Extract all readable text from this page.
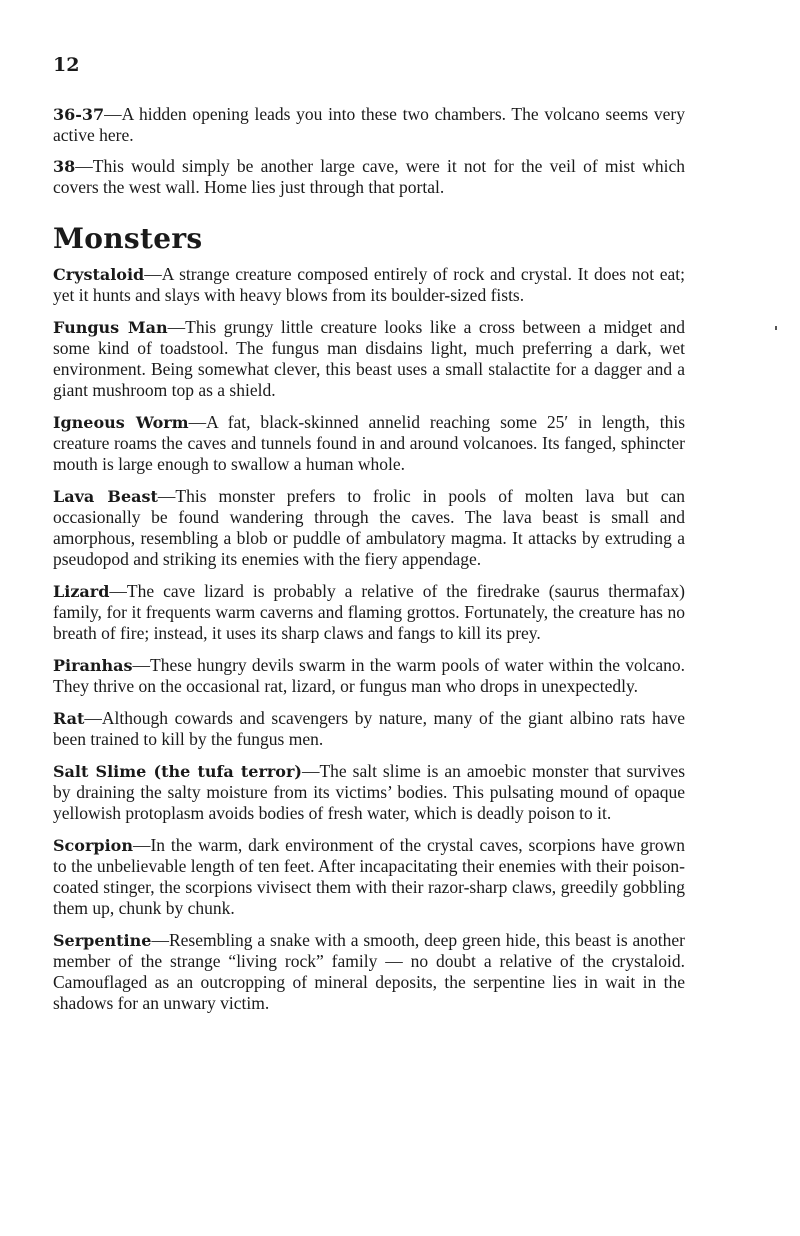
12

36-37—A hidden opening leads you into these two chambers. The volcano seems very active here.

38—This would simply be another large cave, were it not for the veil of mist which covers the west wall. Home lies just through that portal.

Monsters

Crystaloid—A strange creature composed entirely of rock and crystal. It does not eat; yet it hunts and slays with heavy blows from its boulder-sized fists.

Fungus Man—This grungy little creature looks like a cross between a midget and some kind of toadstool. The fungus man disdains light, much preferring a dark, wet environment. Being somewhat clever, this beast uses a small stalactite for a dagger and a giant mushroom top as a shield.

Igneous Worm—A fat, black-skinned annelid reaching some 25′ in length, this creature roams the caves and tunnels found in and around volcanoes. Its fanged, sphincter mouth is large enough to swallow a human whole.

Lava Beast—This monster prefers to frolic in pools of molten lava but can occasionally be found wandering through the caves. The lava beast is small and amorphous, resembling a blob or puddle of ambulatory magma. It attacks by extruding a pseudopod and striking its enemies with the fiery appendage.

Lizard—The cave lizard is probably a relative of the firedrake (saurus thermafax) family, for it frequents warm caverns and flaming grottos. Fortunately, the creature has no breath of fire; instead, it uses its sharp claws and fangs to kill its prey.

Piranhas—These hungry devils swarm in the warm pools of water within the volcano. They thrive on the occasional rat, lizard, or fungus man who drops in unexpectedly.

Rat—Although cowards and scavengers by nature, many of the giant albino rats have been trained to kill by the fungus men.

Salt Slime (the tufa terror)—The salt slime is an amoebic monster that survives by draining the salty moisture from its victims’ bodies. This pulsating mound of opaque yellowish protoplasm avoids bodies of fresh water, which is deadly poison to it.

Scorpion—In the warm, dark environment of the crystal caves, scorpions have grown to the unbelievable length of ten feet. After incapacitating their enemies with their poison-coated stinger, the scorpions vivisect them with their razor-sharp claws, greedily gobbling them up, chunk by chunk.

Serpentine—Resembling a snake with a smooth, deep green hide, this beast is another member of the strange “living rock” family — no doubt a relative of the crystaloid. Camouflaged as an outcropping of mineral deposits, the serpentine lies in wait in the shadows for an unwary victim.
